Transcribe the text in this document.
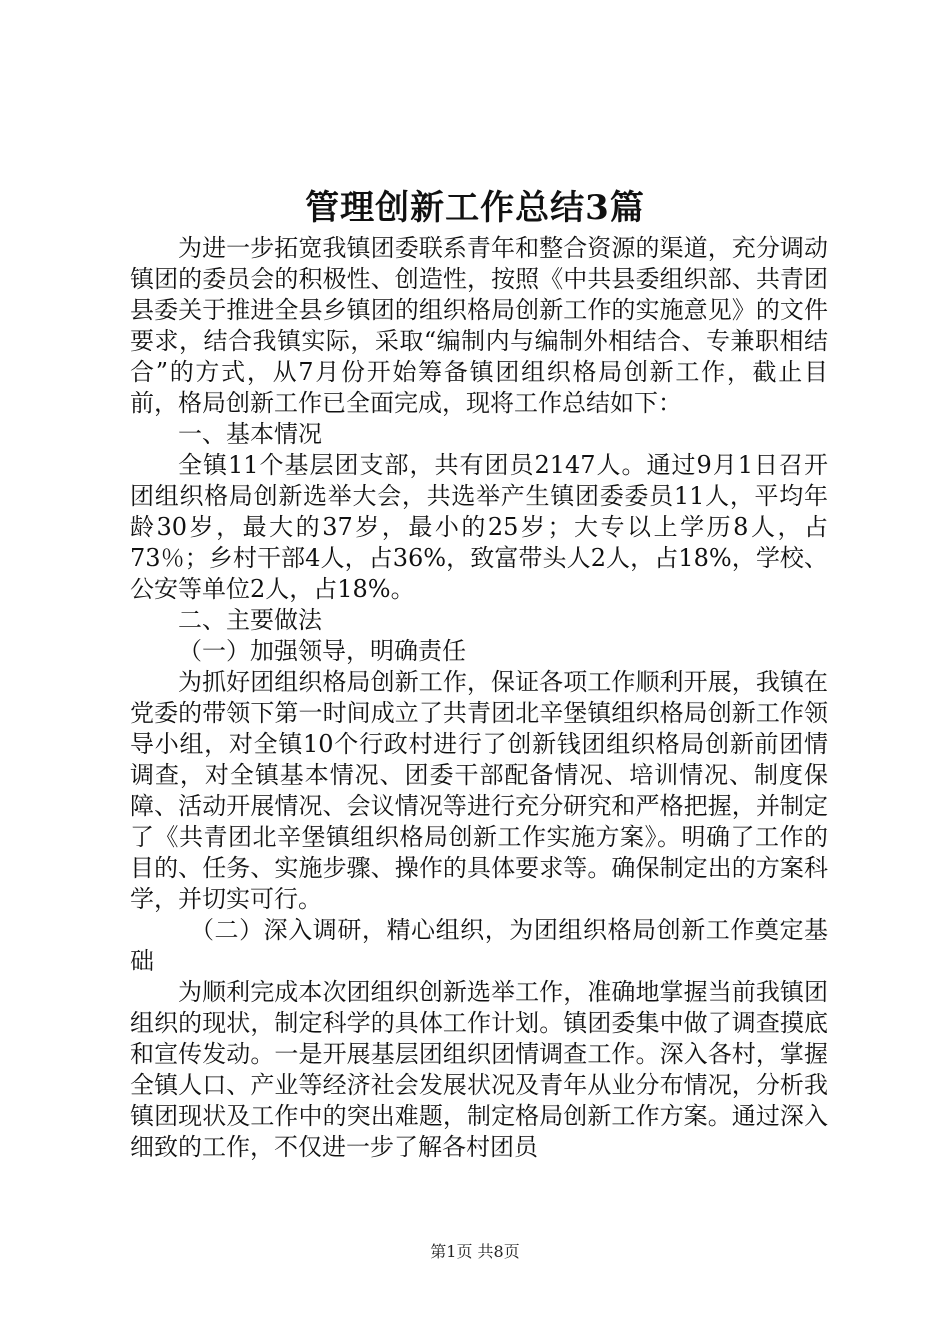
管理创新工作总结3篇

为进一步拓宽我镇团委联系青年和整合资源的渠道，充分调动镇团的委员会的积极性、创造性，按照《中共县委组织部、共青团县委关于推进全县乡镇团的组织格局创新工作的实施意见》的文件要求，结合我镇实际，采取“编制内与编制外相结合、专兼职相结合”的方式，从7月份开始筹备镇团组织格局创新工作，截止目前，格局创新工作已全面完成，现将工作总结如下：

一、基本情况

全镇11个基层团支部，共有团员2147人。通过9月1日召开团组织格局创新选举大会，共选举产生镇团委委员11人，平均年龄30岁，最大的37岁，最小的25岁；大专以上学历8人，占73％；乡村干部4人，占36%，致富带头人2人，占18%，学校、公安等单位2人，占18%。

二、主要做法

（一）加强领导，明确责任

为抓好团组织格局创新工作，保证各项工作顺利开展，我镇在党委的带领下第一时间成立了共青团北辛堡镇组织格局创新工作领导小组，对全镇10个行政村进行了创新钱团组织格局创新前团情调查，对全镇基本情况、团委干部配备情况、培训情况、制度保障、活动开展情况、会议情况等进行充分研究和严格把握，并制定了《共青团北辛堡镇组织格局创新工作实施方案》。明确了工作的目的、任务、实施步骤、操作的具体要求等。确保制定出的方案科学，并切实可行。

（二）深入调研，精心组织，为团组织格局创新工作奠定基础

为顺利完成本次团组织创新选举工作，准确地掌握当前我镇团组织的现状，制定科学的具体工作计划。镇团委集中做了调查摸底和宣传发动。一是开展基层团组织团情调查工作。深入各村，掌握全镇人口、产业等经济社会发展状况及青年从业分布情况，分析我镇团现状及工作中的突出难题，制定格局创新工作方案。通过深入细致的工作，不仅进一步了解各村团员

第1页 共8页
